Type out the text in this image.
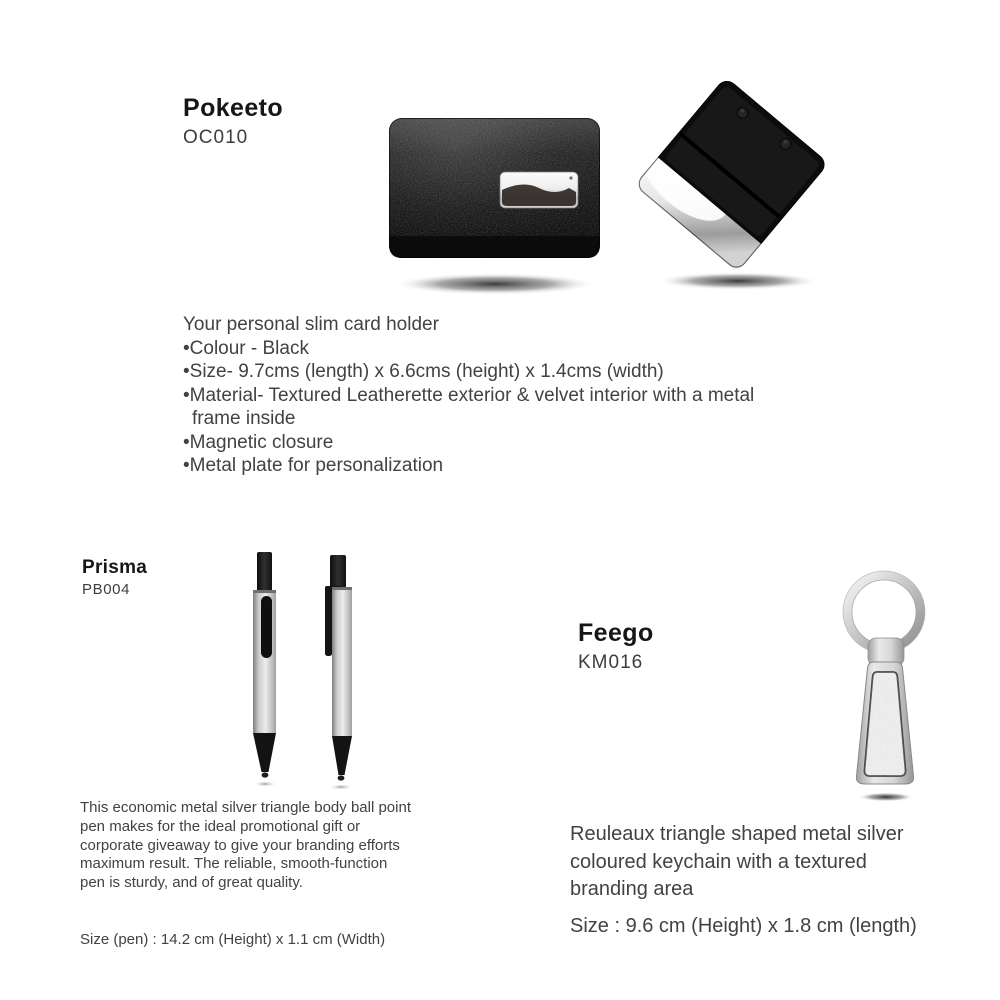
Pokeeto
OC010
Your personal slim card holder
•Colour - Black
•Size- 9.7cms (length) x 6.6cms (height) x 1.4cms (width)
•Material- Textured Leatherette exterior & velvet interior with a metal frame inside
•Magnetic closure
•Metal plate for personalization
Prisma
PB004
This economic metal silver triangle body ball point pen makes for the ideal promotional gift or corporate giveaway to give your branding efforts maximum result. The reliable, smooth-function pen is sturdy, and of great quality.
Size (pen) : 14.2 cm (Height) x 1.1 cm (Width)
Feego
KM016
Reuleaux triangle shaped metal silver coloured keychain with a textured branding area
Size : 9.6 cm (Height) x 1.8 cm (length)
